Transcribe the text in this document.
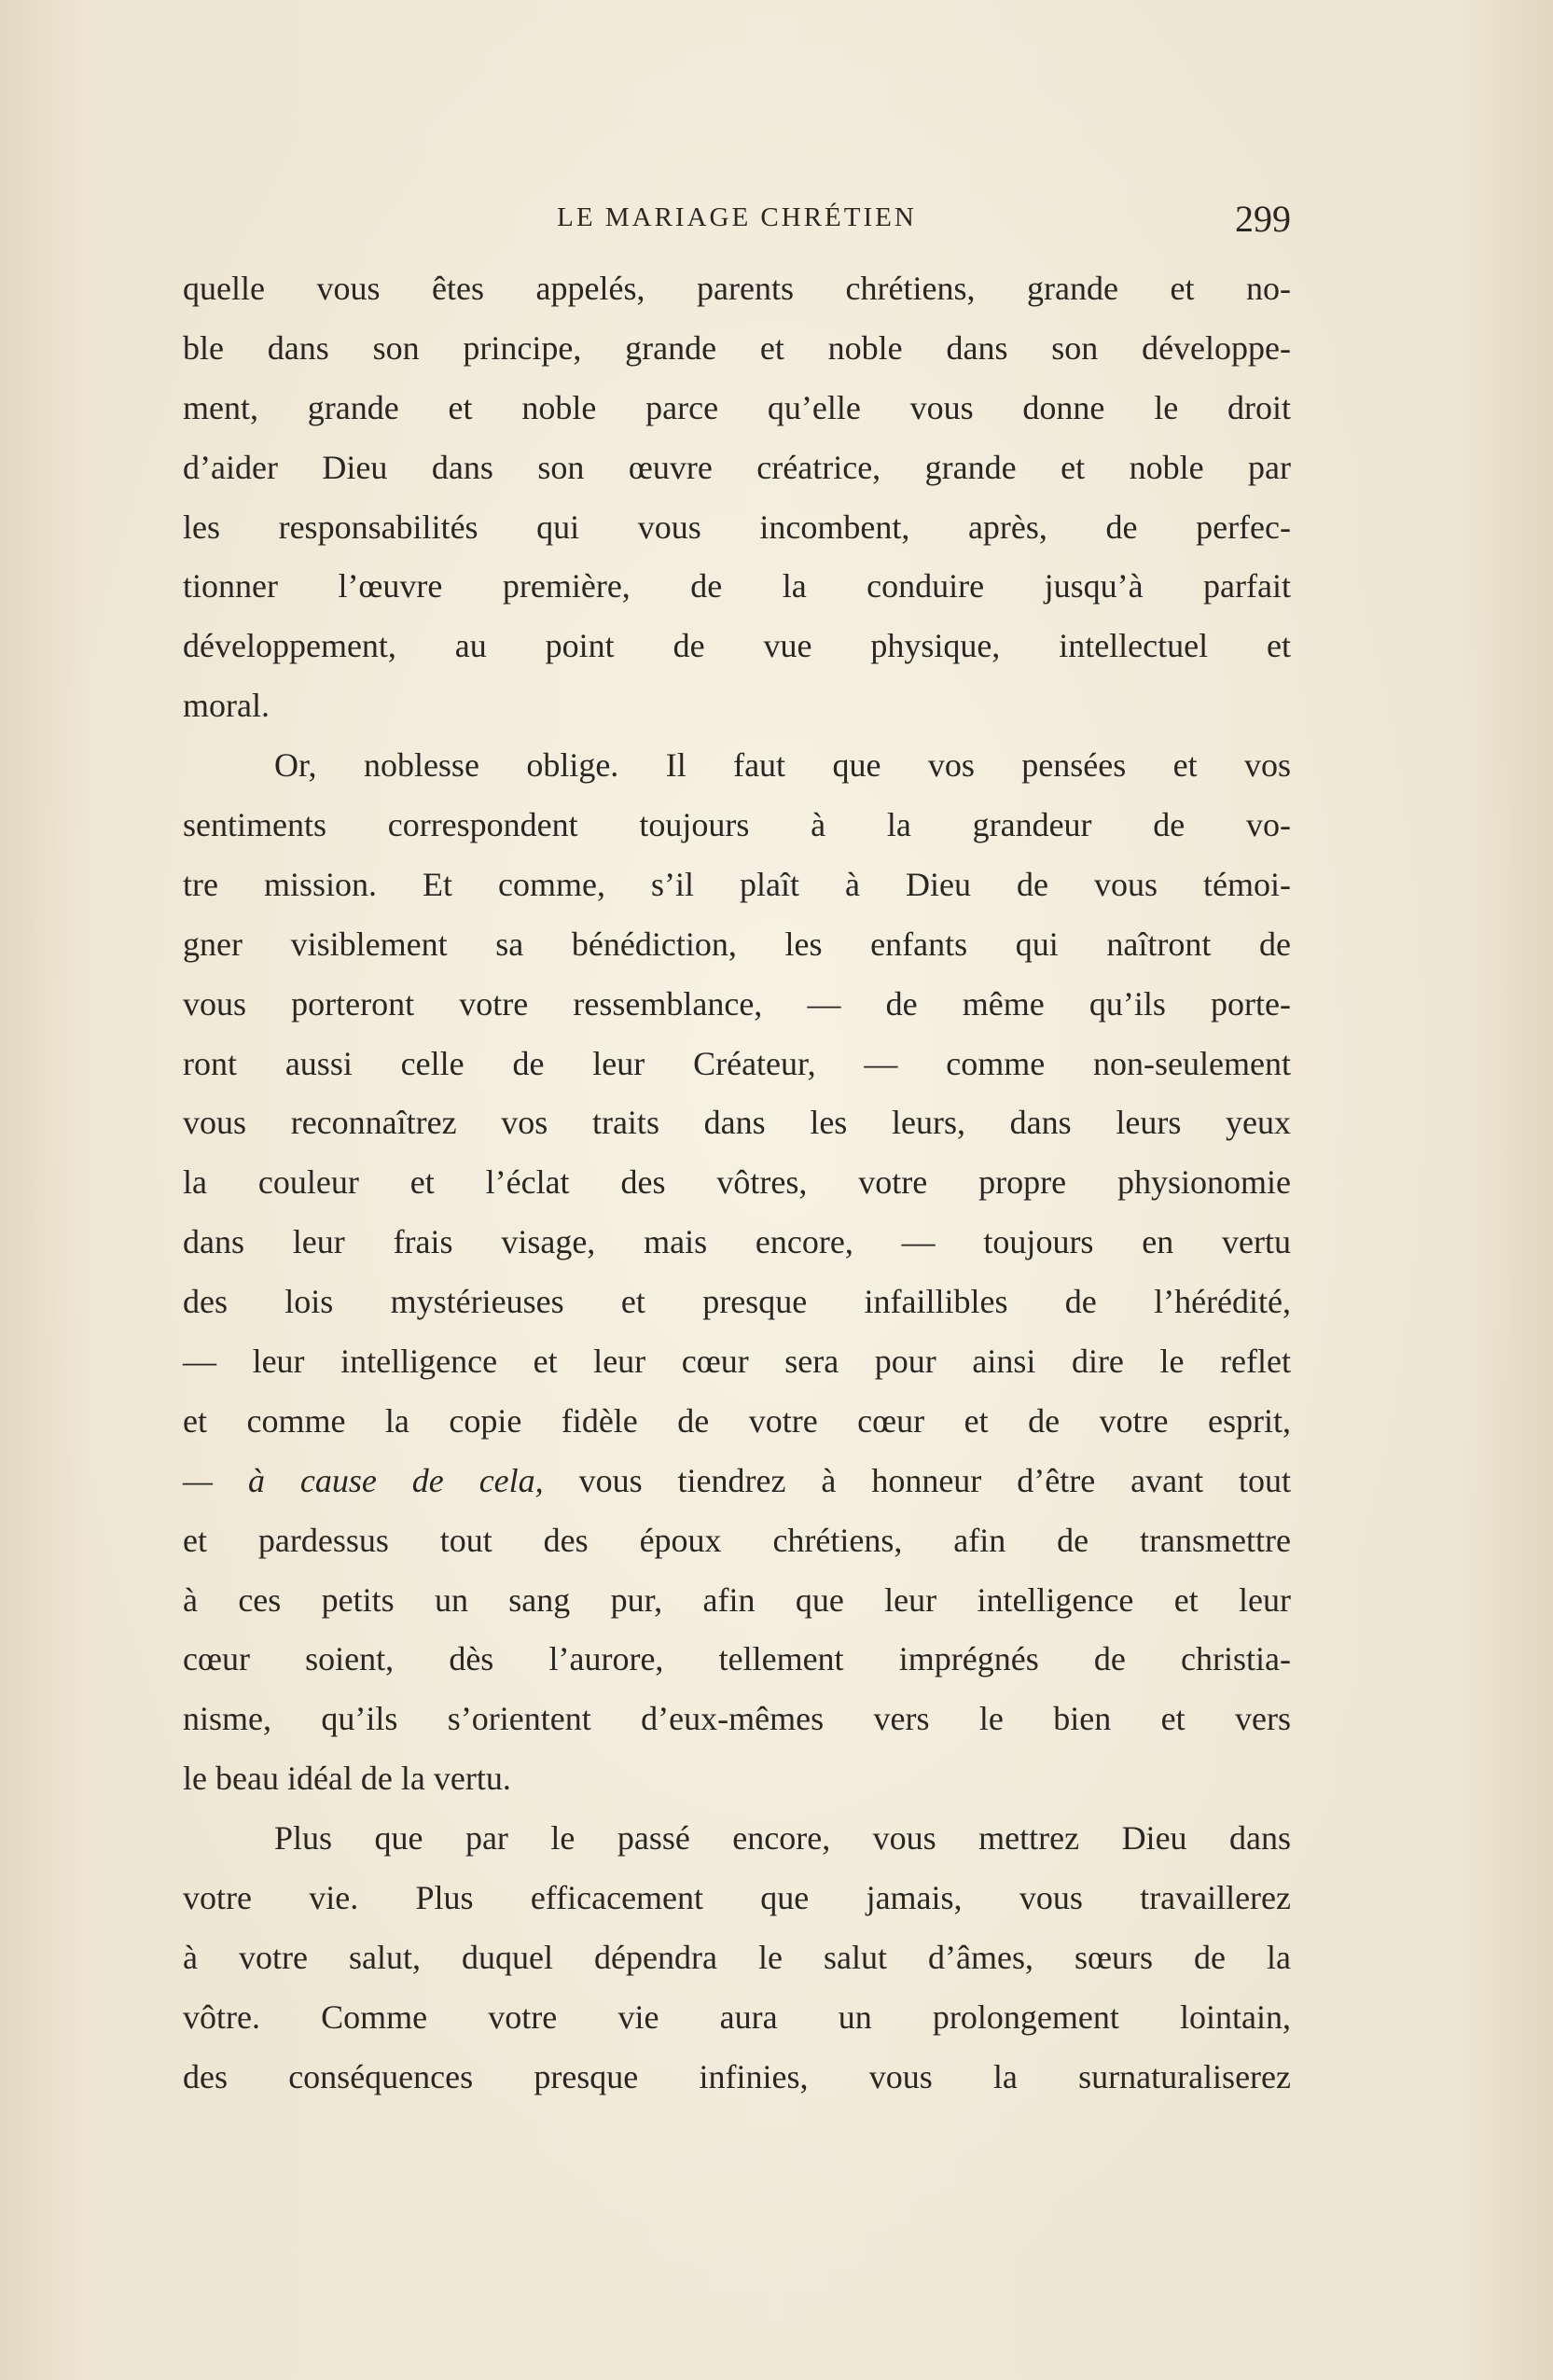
LE MARIAGE CHRÉTIEN	299
quelle vous êtes appelés, parents chrétiens, grande et no-
ble dans son principe, grande et noble dans son développe-
ment, grande et noble parce qu’elle vous donne le droit
d’aider Dieu dans son œuvre créatrice, grande et noble par
les responsabilités qui vous incombent, après, de perfec-
tionner l’œuvre première, de la conduire jusqu’à parfait
développement, au point de vue physique, intellectuel et
moral.
Or, noblesse oblige. Il faut que vos pensées et vos
sentiments correspondent toujours à la grandeur de vo-
tre mission. Et comme, s’il plaît à Dieu de vous témoi-
gner visiblement sa bénédiction, les enfants qui naîtront de
vous porteront votre ressemblance, — de même qu’ils porte-
ront aussi celle de leur Créateur, — comme non-seulement
vous reconnaîtrez vos traits dans les leurs, dans leurs yeux
la couleur et l’éclat des vôtres, votre propre physionomie
dans leur frais visage, mais encore, — toujours en vertu
des lois mystérieuses et presque infaillibles de l’hérédité,
— leur intelligence et leur cœur sera pour ainsi dire le reflet
et comme la copie fidèle de votre cœur et de votre esprit,
— à cause de cela, vous tiendrez à honneur d’être avant tout
et pardessus tout des époux chrétiens, afin de transmettre
à ces petits un sang pur, afin que leur intelligence et leur
cœur soient, dès l’aurore, tellement imprégnés de christia-
nisme, qu’ils s’orientent d’eux-mêmes vers le bien et vers
le beau idéal de la vertu.
Plus que par le passé encore, vous mettrez Dieu dans
votre vie. Plus efficacement que jamais, vous travaillerez
à votre salut, duquel dépendra le salut d’âmes, sœurs de la
vôtre. Comme votre vie aura un prolongement lointain,
des conséquences presque infinies, vous la surnaturaliserez
